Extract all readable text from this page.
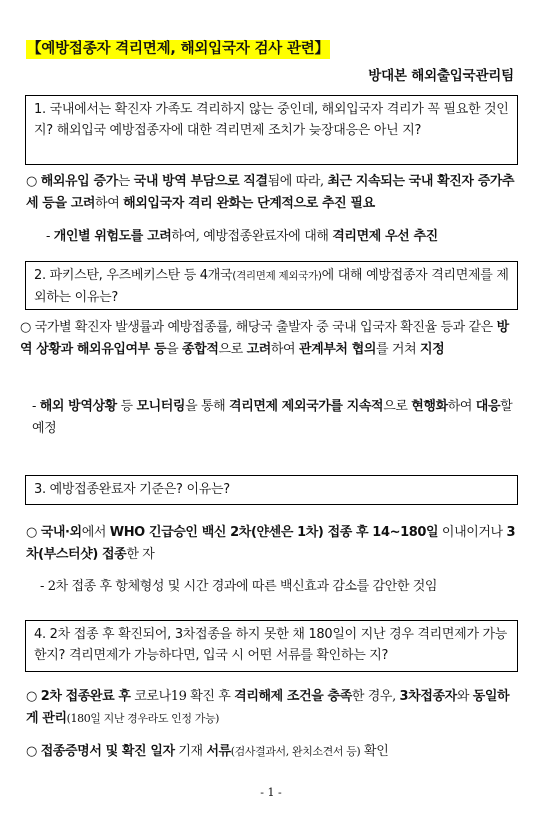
【예방접종자 격리면제, 해외입국자 검사 관련】
방대본 해외출입국관리팀
1. 국내에서는 확진자 가족도 격리하지 않는 중인데, 해외입국자 격리가 꼭 필요한 것인 지? 해외입국 예방접종자에 대한 격리면제 조치가 늦장대응은 아닌 지?
○ 해외유입 증가는 국내 방역 부담으로 직결됨에 따라, 최근 지속되는 국내 확진자 증가추세 등을 고려하여 해외입국자 격리 완화는 단계적으로 추진 필요
- 개인별 위험도를 고려하여, 예방접종완료자에 대해 격리면제 우선 추진
2. 파키스탄, 우즈베키스탄 등 4개국(격리면제 제외국가)에 대해 예방접종자 격리면제를 제외하는 이유는?
○ 국가별 확진자 발생률과 예방접종률, 해당국 출발자 중 국내 입국자 확진율 등과 같은 방역 상황과 해외유입여부 등을 종합적으로 고려하여 관계부처 협의를 거쳐 지정
- 해외 방역상황 등 모니터링을 통해 격리면제 제외국가를 지속적으로 현행화하여 대응할 예정
3. 예방접종완료자 기준은? 이유는?
○ 국내·외에서 WHO 긴급승인 백신 2차(얀센은 1차) 접종 후 14~180일 이내이거나 3차(부스터샷) 접종한 자
- 2차 접종 후 항체형성 및 시간 경과에 따른 백신효과 감소를 감안한 것임
4. 2차 접종 후 확진되어, 3차접종을 하지 못한 채 180일이 지난 경우 격리면제가 가능한지? 격리면제가 가능하다면, 입국 시 어떤 서류를 확인하는 지?
○ 2차 접종완료 후 코로나19 확진 후 격리해제 조건을 충족한 경우, 3차접종자와 동일하게 관리(180일 지난 경우라도 인정 가능)
○ 접종증명서 및 확진 일자 기재 서류(검사결과서, 완치소견서 등) 확인
- 1 -
